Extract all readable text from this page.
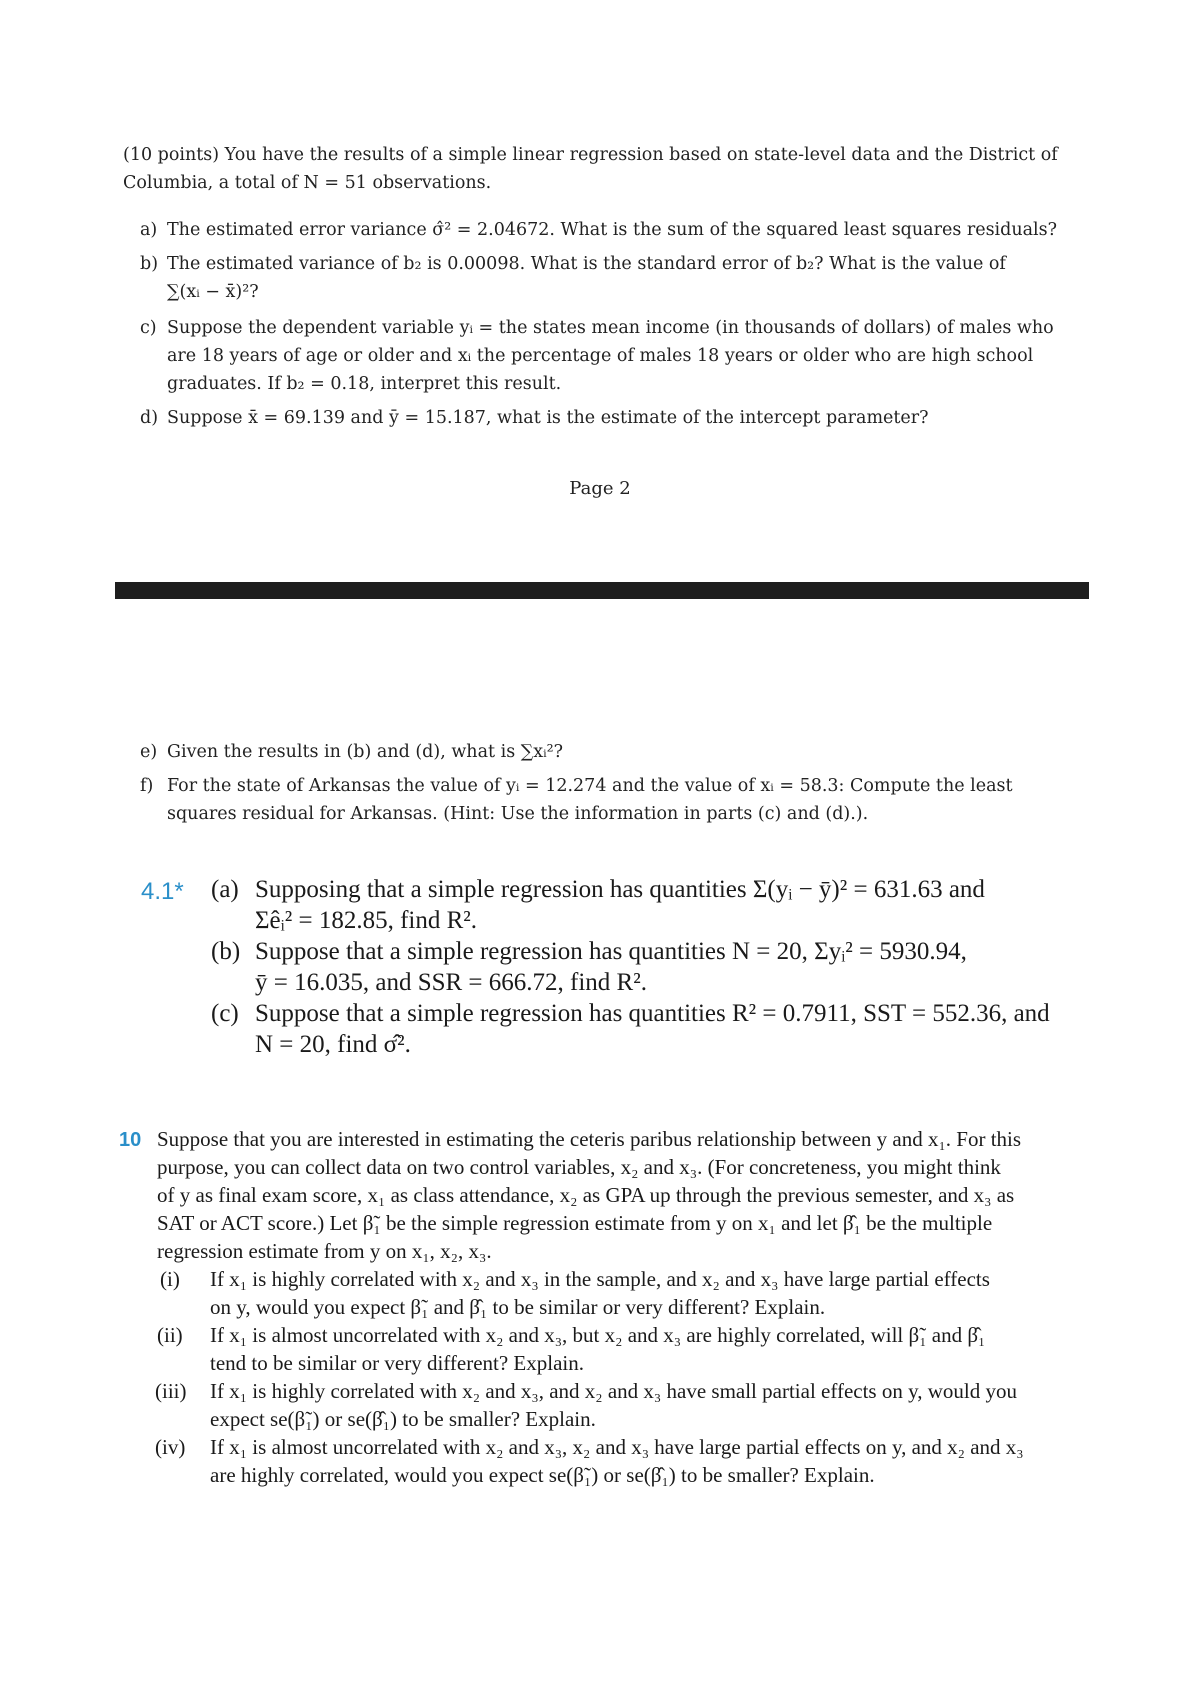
(10 points) You have the results of a simple linear regression based on state-level data and the District of
Columbia, a total of N = 51 observations.
a) The estimated error variance σ̂² = 2.04672. What is the sum of the squared least squares residuals?
b) The estimated variance of b₂ is 0.00098. What is the standard error of b₂? What is the value of
∑(xᵢ − x̄)²?
c) Suppose the dependent variable yᵢ = the states mean income (in thousands of dollars) of males who
are 18 years of age or older and xᵢ the percentage of males 18 years or older who are high school
graduates. If b₂ = 0.18, interpret this result.
d) Suppose x̄ = 69.139 and ȳ = 15.187, what is the estimate of the intercept parameter?
Page 2
e) Given the results in (b) and (d), what is ∑xᵢ²?
f) For the state of Arkansas the value of yᵢ = 12.274 and the value of xᵢ = 58.3: Compute the least
squares residual for Arkansas. (Hint: Use the information in parts (c) and (d).).
4.1* (a) Supposing that a simple regression has quantities Σ(yᵢ − ȳ)² = 631.63 and
Σêᵢ² = 182.85, find R².
(b) Suppose that a simple regression has quantities N = 20, Σyᵢ² = 5930.94,
ȳ = 16.035, and SSR = 666.72, find R².
(c) Suppose that a simple regression has quantities R² = 0.7911, SST = 552.36, and
N = 20, find σ̂².
10 Suppose that you are interested in estimating the ceteris paribus relationship between y and x₁. For this
purpose, you can collect data on two control variables, x₂ and x₃. (For concreteness, you might think
of y as final exam score, x₁ as class attendance, x₂ as GPA up through the previous semester, and x₃ as
SAT or ACT score.) Let β̃₁ be the simple regression estimate from y on x₁ and let β̂₁ be the multiple
regression estimate from y on x₁, x₂, x₃.
(i) If x₁ is highly correlated with x₂ and x₃ in the sample, and x₂ and x₃ have large partial effects
on y, would you expect β̃₁ and β̂₁ to be similar or very different? Explain.
(ii) If x₁ is almost uncorrelated with x₂ and x₃, but x₂ and x₃ are highly correlated, will β̃₁ and β̂₁
tend to be similar or very different? Explain.
(iii) If x₁ is highly correlated with x₂ and x₃, and x₂ and x₃ have small partial effects on y, would you
expect se(β̃₁) or se(β̂₁) to be smaller? Explain.
(iv) If x₁ is almost uncorrelated with x₂ and x₃, x₂ and x₃ have large partial effects on y, and x₂ and x₃
are highly correlated, would you expect se(β̃₁) or se(β̂₁) to be smaller? Explain.
